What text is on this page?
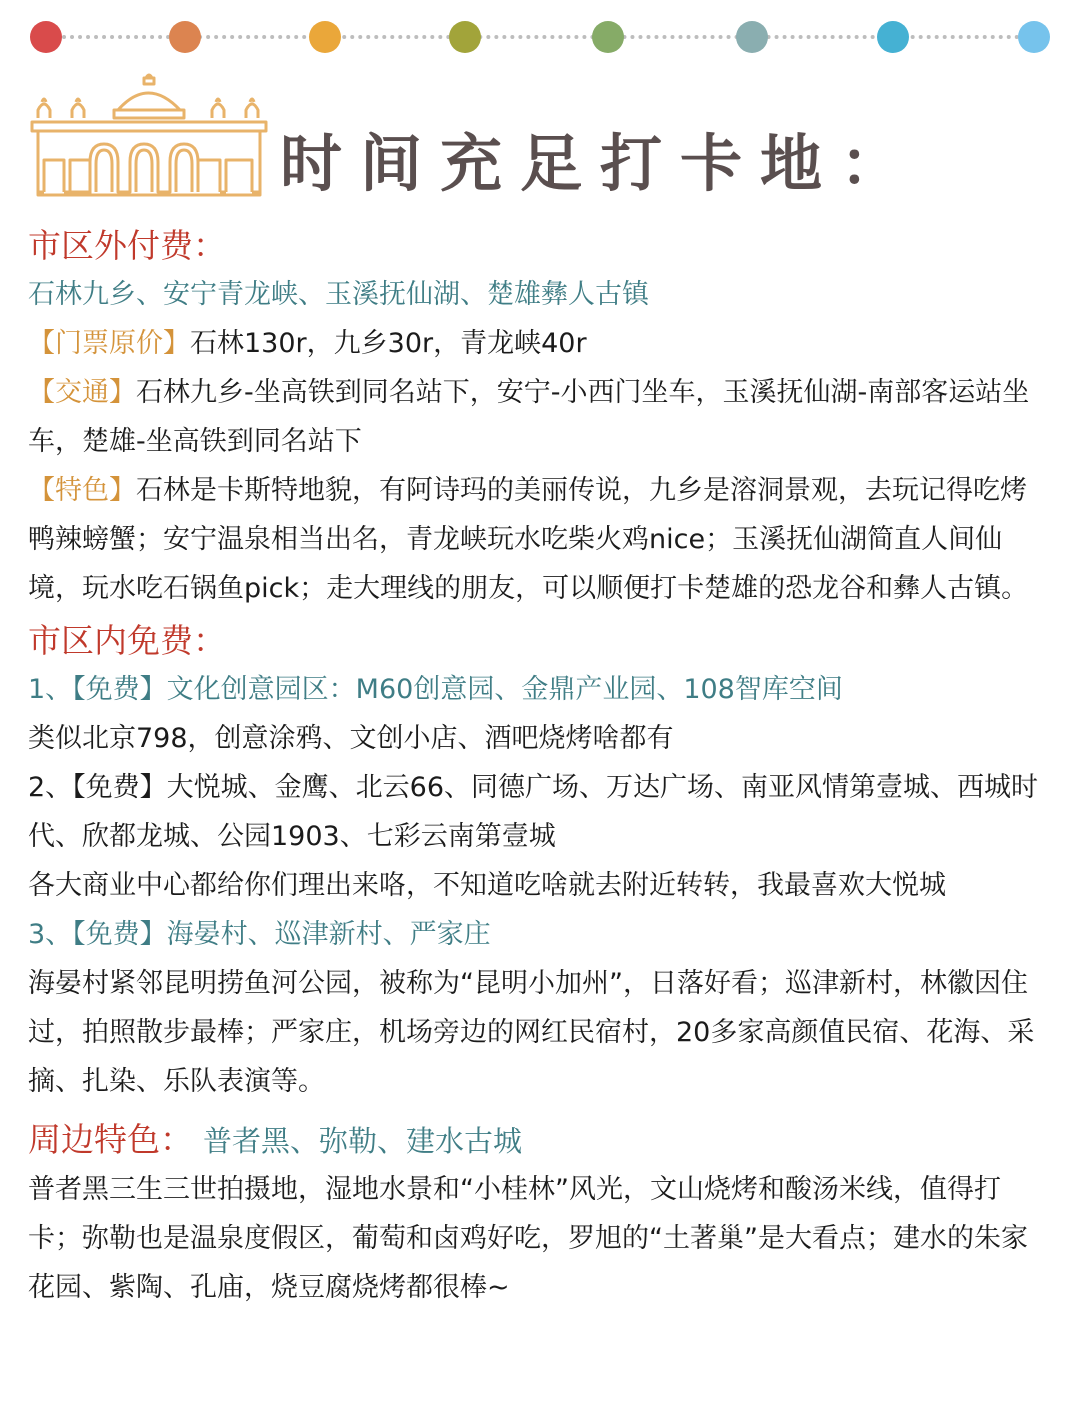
时间充足打卡地：
市区外付费：
石林九乡、安宁青龙峡、玉溪抚仙湖、楚雄彝人古镇
【门票原价】石林130r，九乡30r，青龙峡40r
【交通】石林九乡-坐高铁到同名站下，安宁-小西门坐车，玉溪抚仙湖-南部客运站坐车，楚雄-坐高铁到同名站下
【特色】石林是卡斯特地貌，有阿诗玛的美丽传说，九乡是溶洞景观，去玩记得吃烤鸭辣螃蟹；安宁温泉相当出名，青龙峡玩水吃柴火鸡nice；玉溪抚仙湖简直人间仙境，玩水吃石锅鱼pick；走大理线的朋友，可以顺便打卡楚雄的恐龙谷和彝人古镇。
市区内免费：
1、【免费】文化创意园区：M60创意园、金鼎产业园、108智库空间
类似北京798，创意涂鸦、文创小店、酒吧烧烤啥都有
2、【免费】大悦城、金鹰、北云66、同德广场、万达广场、南亚风情第壹城、西城时代、欣都龙城、公园1903、七彩云南第壹城
各大商业中心都给你们理出来咯，不知道吃啥就去附近转转，我最喜欢大悦城
3、【免费】海晏村、巡津新村、严家庄
海晏村紧邻昆明捞鱼河公园，被称为“昆明小加州”，日落好看；巡津新村，林徽因住过，拍照散步最棒；严家庄，机场旁边的网红民宿村，20多家高颜值民宿、花海、采摘、扎染、乐队表演等。
周边特色： 普者黑、弥勒、建水古城
普者黑三生三世拍摄地，湿地水景和“小桂林”风光，文山烧烤和酸汤米线，值得打卡；弥勒也是温泉度假区，葡萄和卤鸡好吃，罗旭的“土著巢”是大看点；建水的朱家花园、紫陶、孔庙，烧豆腐烧烤都很棒~
